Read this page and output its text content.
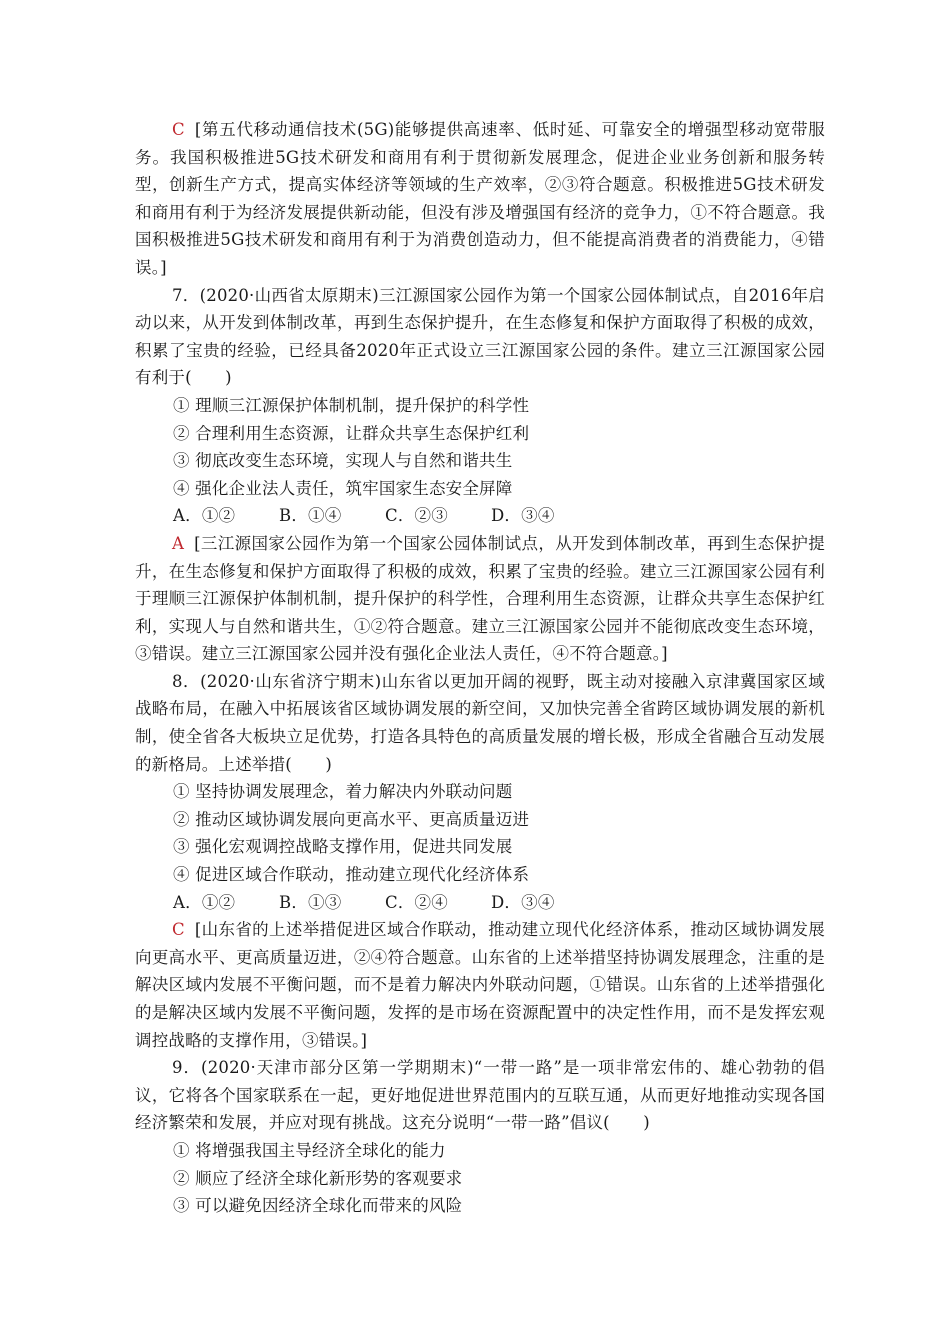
C [第五代移动通信技术(5G)能够提供高速率、低时延、可靠安全的增强型移动宽带服务。我国积极推进5G技术研发和商用有利于贯彻新发展理念，促进企业业务创新和服务转型，创新生产方式，提高实体经济等领域的生产效率，②③符合题意。积极推进5G技术研发和商用有利于为经济发展提供新动能，但没有涉及增强国有经济的竞争力，①不符合题意。我国积极推进5G技术研发和商用有利于为消费创造动力，但不能提高消费者的消费能力，④错误。]

7．(2020·山西省太原期末)三江源国家公园作为第一个国家公园体制试点，自2016年启动以来，从开发到体制改革，再到生态保护提升，在生态修复和保护方面取得了积极的成效，积累了宝贵的经验，已经具备2020年正式设立三江源国家公园的条件。建立三江源国家公园有利于(　　)

① 理顺三江源保护体制机制，提升保护的科学性

② 合理利用生态资源，让群众共享生态保护红利

③ 彻底改变生态环境，实现人与自然和谐共生

④ 强化企业法人责任，筑牢国家生态安全屏障

A．①②	B．①④	C．②③	D．③④

A [三江源国家公园作为第一个国家公园体制试点，从开发到体制改革，再到生态保护提升，在生态修复和保护方面取得了积极的成效，积累了宝贵的经验。建立三江源国家公园有利于理顺三江源保护体制机制，提升保护的科学性，合理利用生态资源，让群众共享生态保护红利，实现人与自然和谐共生，①②符合题意。建立三江源国家公园并不能彻底改变生态环境，③错误。建立三江源国家公园并没有强化企业法人责任，④不符合题意。]

8．(2020·山东省济宁期末)山东省以更加开阔的视野，既主动对接融入京津冀国家区域战略布局，在融入中拓展该省区域协调发展的新空间，又加快完善全省跨区域协调发展的新机制，使全省各大板块立足优势，打造各具特色的高质量发展的增长极，形成全省融合互动发展的新格局。上述举措(　　)

① 坚持协调发展理念，着力解决内外联动问题

② 推动区域协调发展向更高水平、更高质量迈进

③ 强化宏观调控战略支撑作用，促进共同发展

④ 促进区域合作联动，推动建立现代化经济体系

A．①②	B．①③	C．②④	D．③④

C [山东省的上述举措促进区域合作联动，推动建立现代化经济体系，推动区域协调发展向更高水平、更高质量迈进，②④符合题意。山东省的上述举措坚持协调发展理念，注重的是解决区域内发展不平衡问题，而不是着力解决内外联动问题，①错误。山东省的上述举措强化的是解决区域内发展不平衡问题，发挥的是市场在资源配置中的决定性作用，而不是发挥宏观调控战略的支撑作用，③错误。]

9．(2020·天津市部分区第一学期期末)“一带一路”是一项非常宏伟的、雄心勃勃的倡议，它将各个国家联系在一起，更好地促进世界范围内的互联互通，从而更好地推动实现各国经济繁荣和发展，并应对现有挑战。这充分说明“一带一路”倡议(　　)

① 将增强我国主导经济全球化的能力

② 顺应了经济全球化新形势的客观要求

③ 可以避免因经济全球化而带来的风险
